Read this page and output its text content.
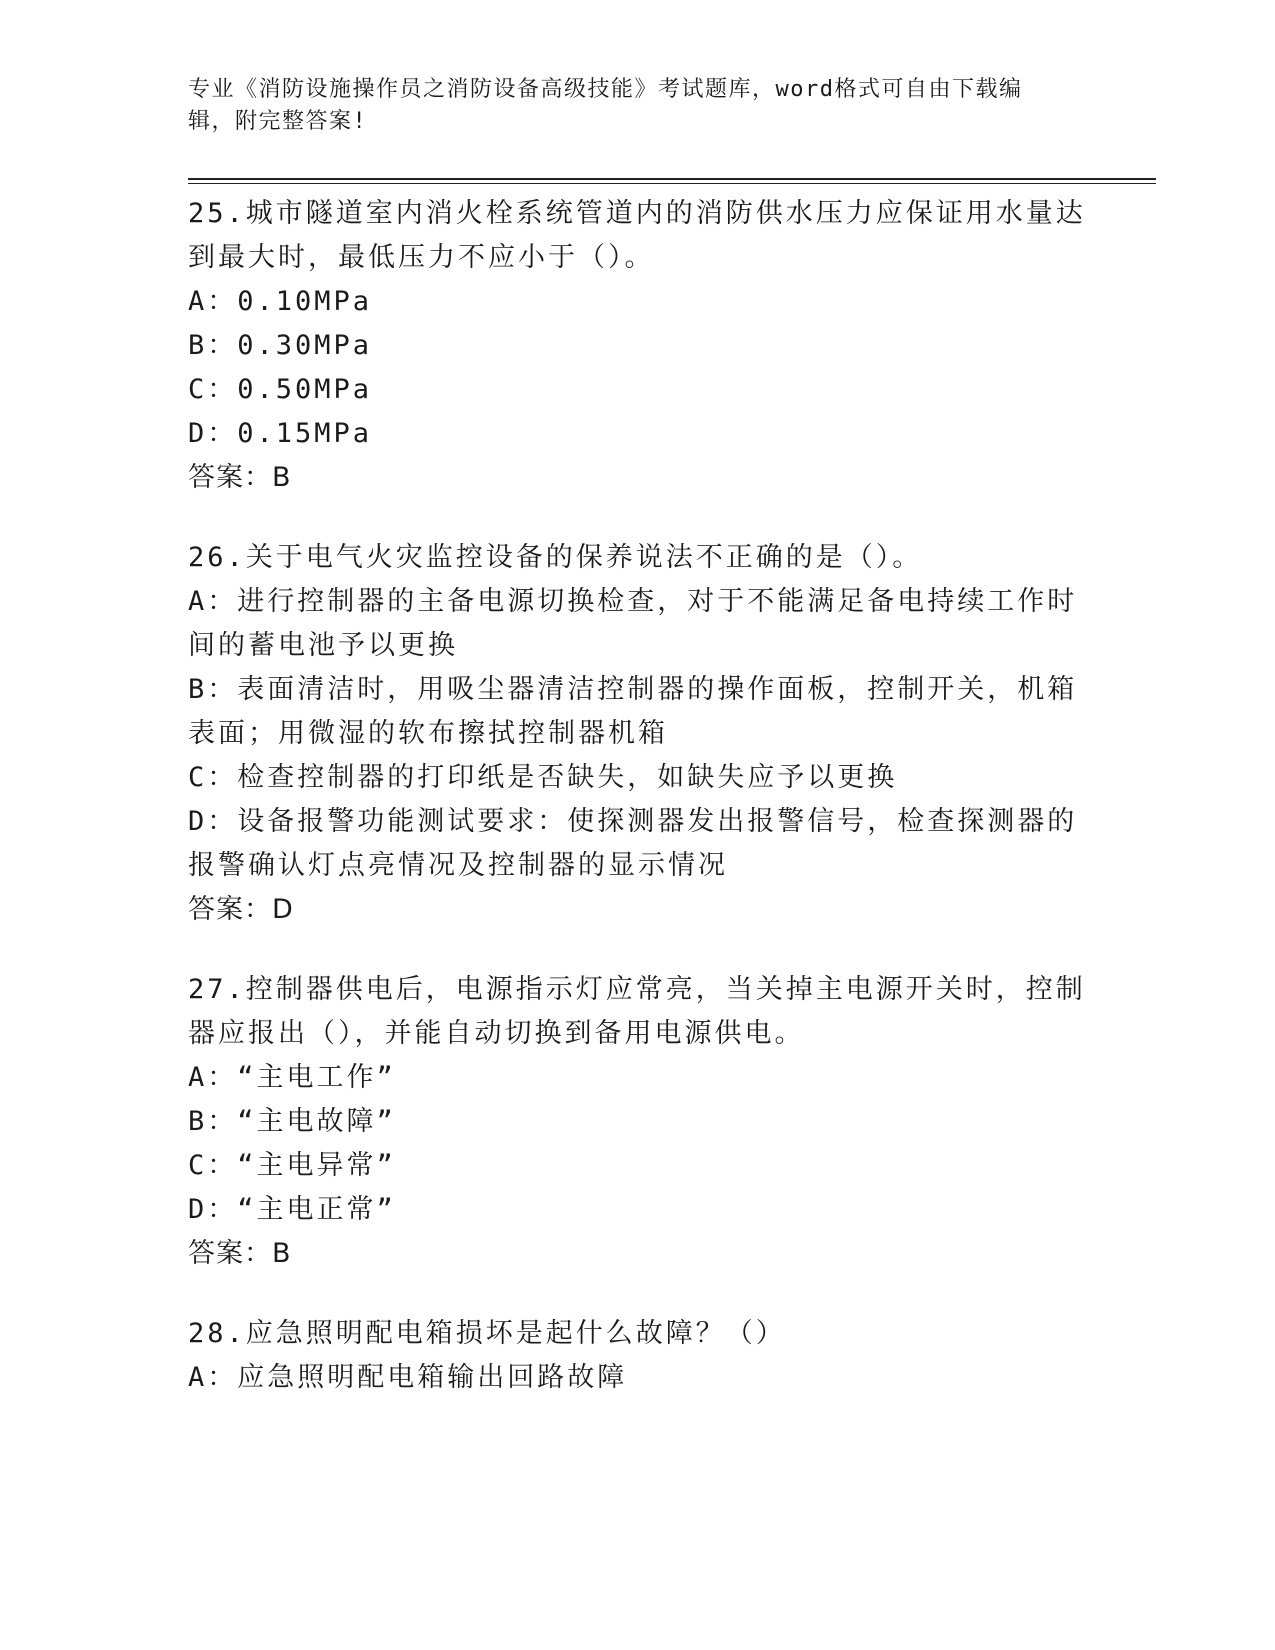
专业《消防设施操作员之消防设备高级技能》考试题库，word格式可自由下载编辑，附完整答案!
25.城市隧道室内消火栓系统管道内的消防供水压力应保证用水量达到最大时，最低压力不应小于（）。
A：0.10MPa
B：0.30MPa
C：0.50MPa
D：0.15MPa
答案：B
26.关于电气火灾监控设备的保养说法不正确的是（）。
A：进行控制器的主备电源切换检查，对于不能满足备电持续工作时间的蓄电池予以更换
B：表面清洁时，用吸尘器清洁控制器的操作面板，控制开关，机箱表面；用微湿的软布擦拭控制器机箱
C：检查控制器的打印纸是否缺失，如缺失应予以更换
D：设备报警功能测试要求：使探测器发出报警信号，检查探测器的报警确认灯点亮情况及控制器的显示情况
答案：D
27.控制器供电后，电源指示灯应常亮，当关掉主电源开关时，控制器应报出（），并能自动切换到备用电源供电。
A：“主电工作”
B：“主电故障”
C：“主电异常”
D：“主电正常”
答案：B
28.应急照明配电箱损坏是起什么故障？（）
A：应急照明配电箱输出回路故障
